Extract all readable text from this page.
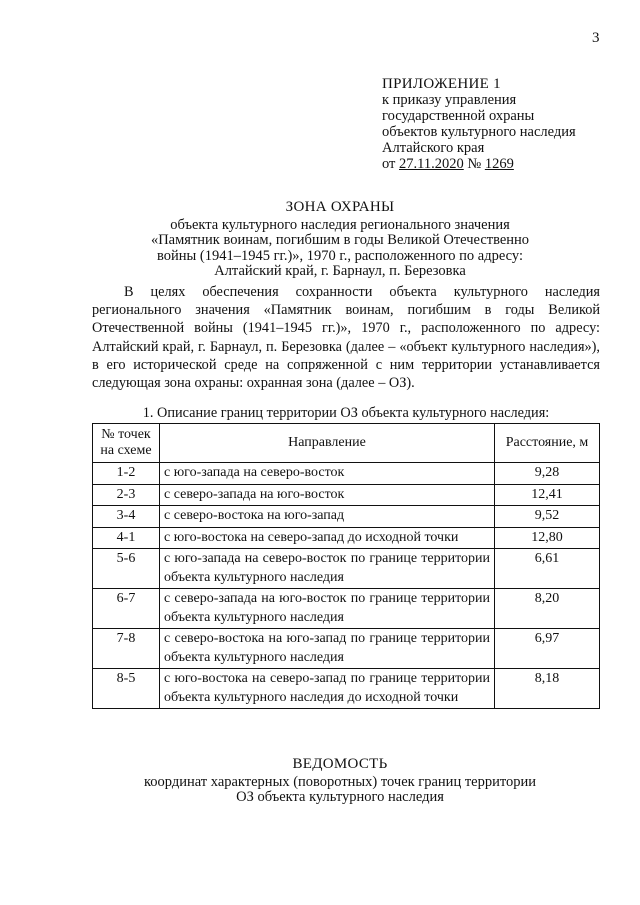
3
ПРИЛОЖЕНИЕ 1
к приказу управления
государственной охраны
объектов культурного наследия
Алтайского края
от 27.11.2020 № 1269
ЗОНА ОХРАНЫ
объекта культурного наследия регионального значения
«Памятник воинам, погибшим в годы Великой Отечественно
войны (1941–1945 гг.)», 1970 г., расположенного по адресу:
Алтайский край, г. Барнаул, п. Березовка
В целях обеспечения сохранности объекта культурного наследия регионального значения «Памятник воинам, погибшим в годы Великой Отечественной войны (1941–1945 гг.)», 1970 г., расположенного по адресу: Алтайский край, г. Барнаул, п. Березовка (далее – «объект культурного наследия»), в его исторической среде на сопряженной с ним территории устанавливается следующая зона охраны: охранная зона (далее – ОЗ).
1. Описание границ территории ОЗ объекта культурного наследия:
№ точек на схеме	Направление	Расстояние, м
1-2	с юго-запада на северо-восток	9,28
2-3	с северо-запада на юго-восток	12,41
3-4	с северо-востока на юго-запад	9,52
4-1	с юго-востока на северо-запад до исходной точки	12,80
5-6	с юго-запада на северо-восток по границе территории объекта культурного наследия	6,61
6-7	с северо-запада на юго-восток по границе территории объекта культурного наследия	8,20
7-8	с северо-востока на юго-запад по границе территории объекта культурного наследия	6,97
8-5	с юго-востока на северо-запад по границе территории объекта культурного наследия до исходной точки	8,18
ВЕДОМОСТЬ
координат характерных (поворотных) точек границ территории
ОЗ объекта культурного наследия
